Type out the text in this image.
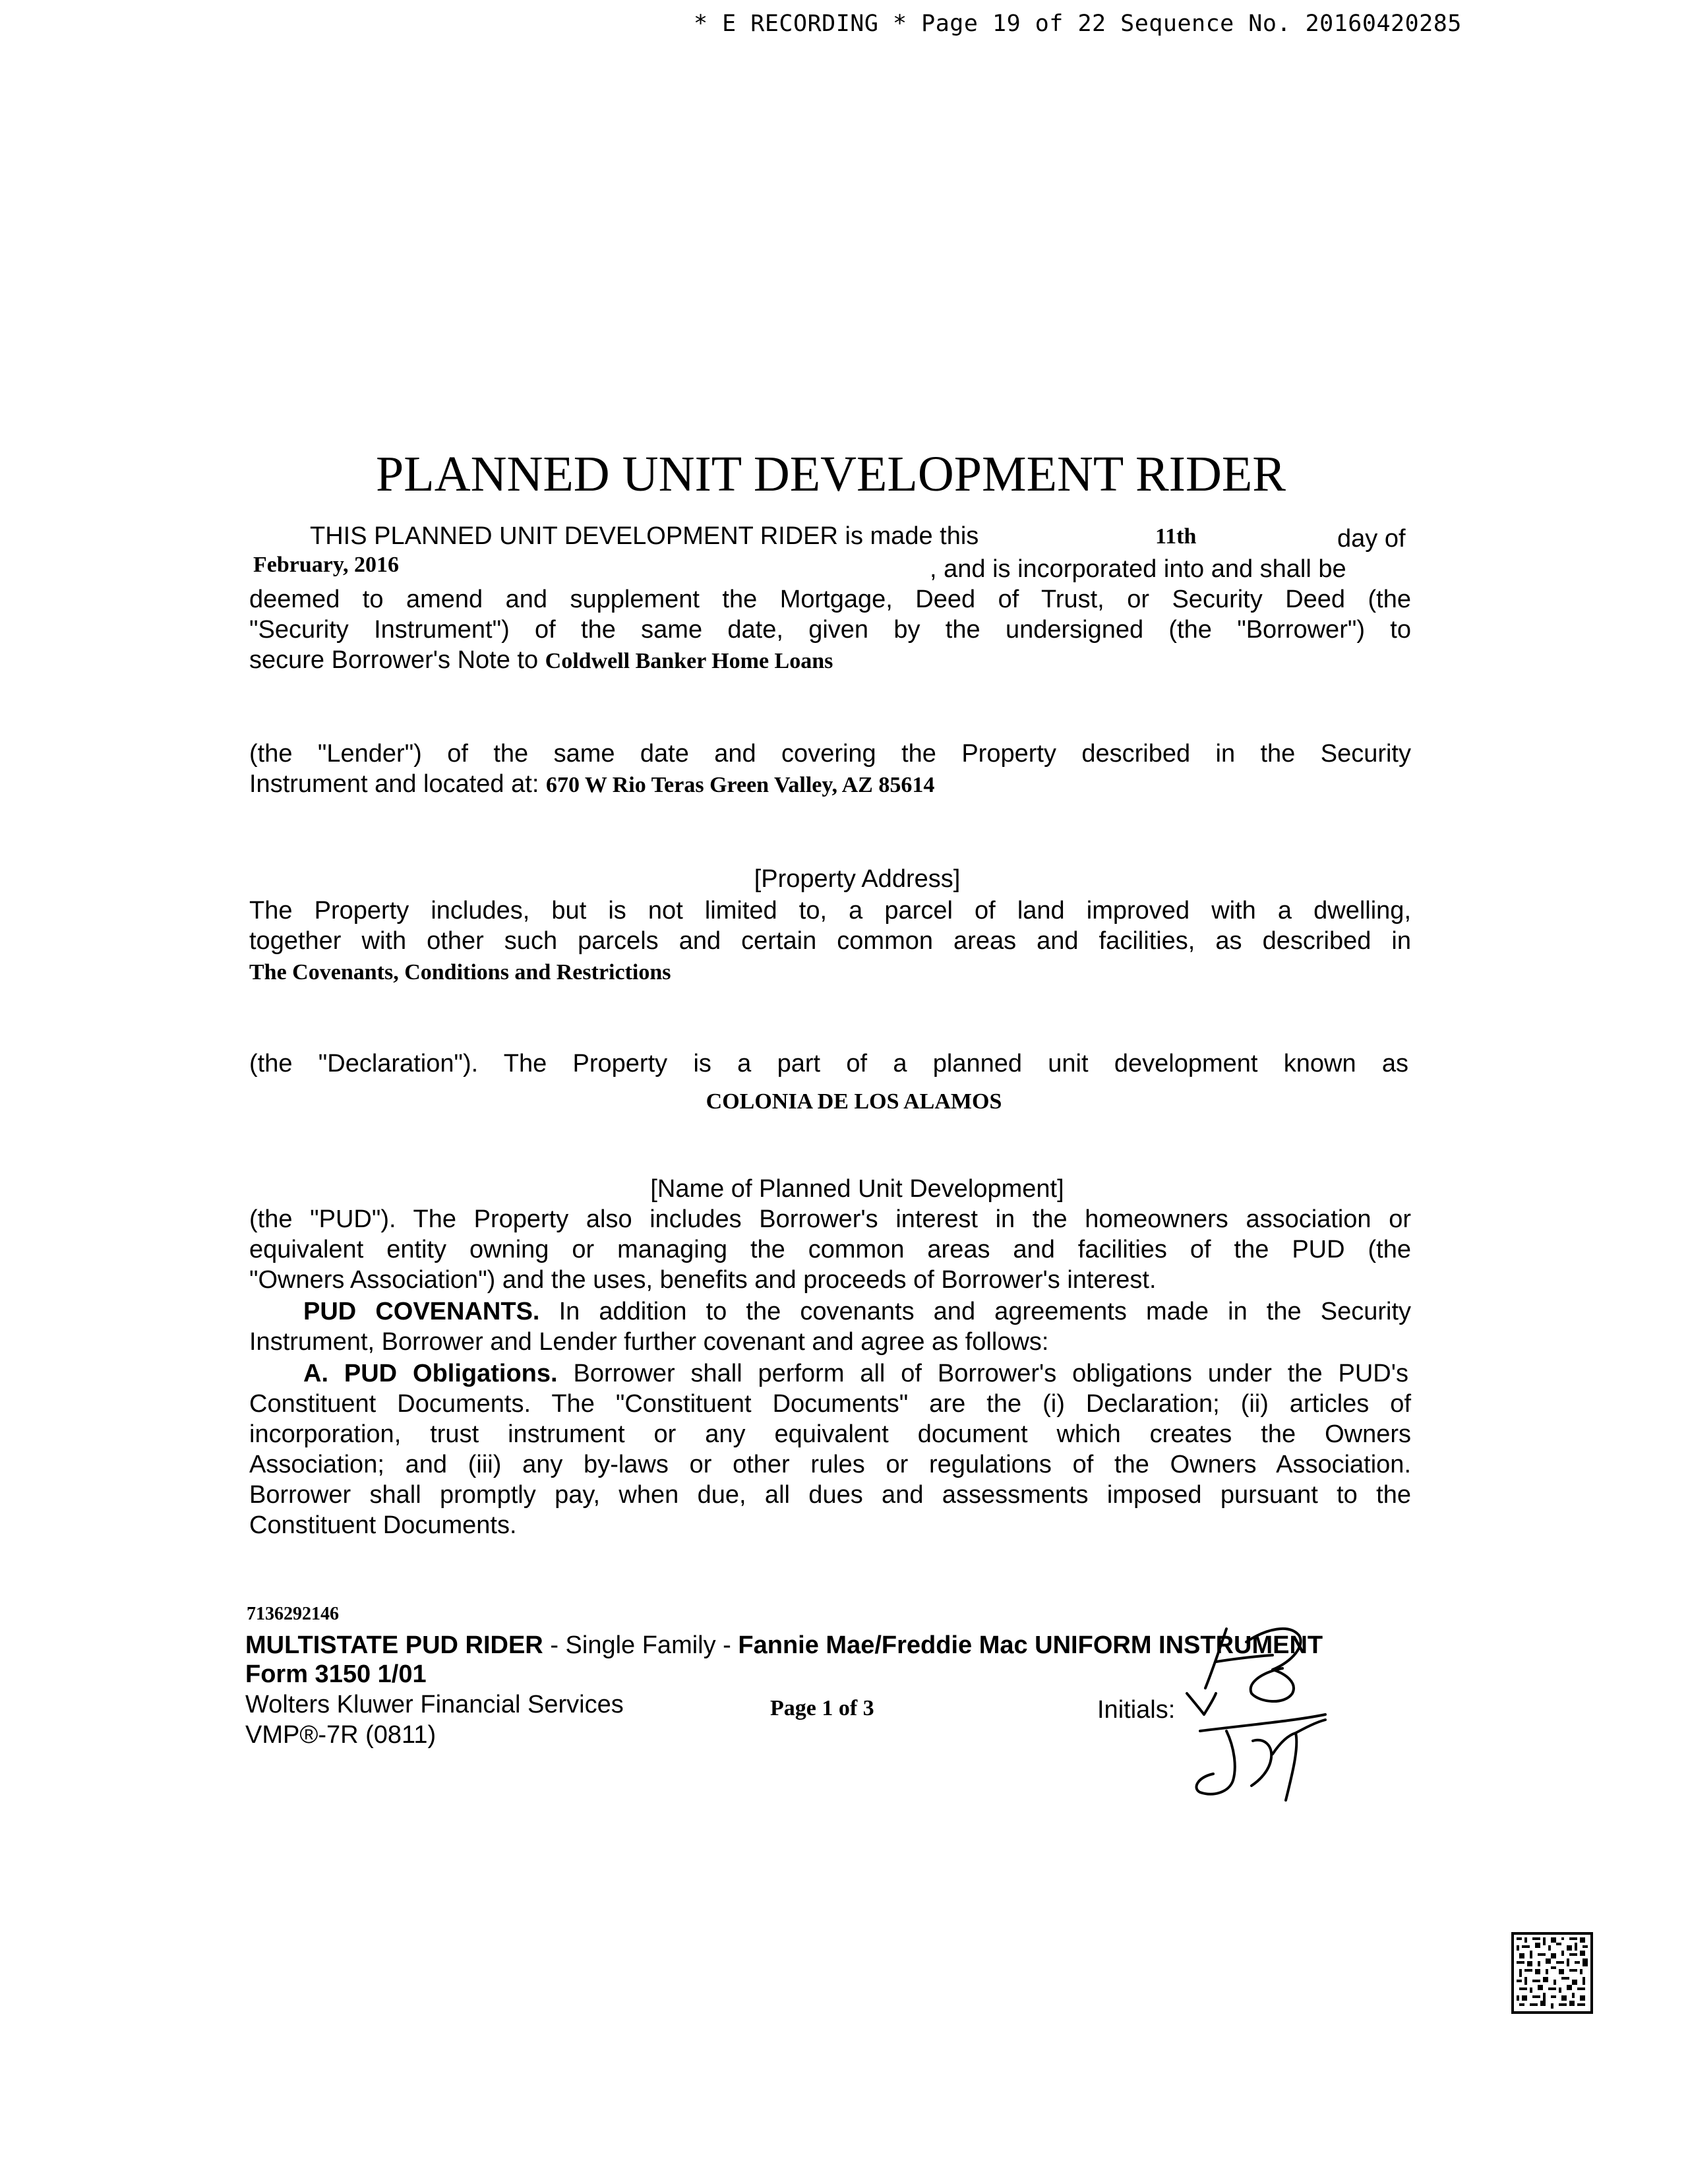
* E RECORDING * Page 19 of 22 Sequence No. 20160420285
PLANNED UNIT DEVELOPMENT RIDER
THIS PLANNED UNIT DEVELOPMENT RIDER is made this	11th	day of
February, 2016	, and is incorporated into and shall be
deemed to amend and supplement the Mortgage, Deed of Trust, or Security Deed (the
"Security Instrument") of the same date, given by the undersigned (the "Borrower") to
secure Borrower's Note to Coldwell Banker Home Loans
(the "Lender") of the same date and covering the Property described in the Security
Instrument and located at: 670 W Rio Teras Green Valley, AZ 85614
[Property Address]
The Property includes, but is not limited to, a parcel of land improved with a dwelling,
together with other such parcels and certain common areas and facilities, as described in
The Covenants, Conditions and Restrictions
(the "Declaration"). The Property is a part of a planned unit development known as
COLONIA DE LOS ALAMOS
[Name of Planned Unit Development]
(the "PUD"). The Property also includes Borrower's interest in the homeowners association or
equivalent entity owning or managing the common areas and facilities of the PUD (the
"Owners Association") and the uses, benefits and proceeds of Borrower's interest.
PUD COVENANTS. In addition to the covenants and agreements made in the Security
Instrument, Borrower and Lender further covenant and agree as follows:
A. PUD Obligations. Borrower shall perform all of Borrower's obligations under the PUD's
Constituent Documents. The "Constituent Documents" are the (i) Declaration; (ii) articles of
incorporation, trust instrument or any equivalent document which creates the Owners
Association; and (iii) any by-laws or other rules or regulations of the Owners Association.
Borrower shall promptly pay, when due, all dues and assessments imposed pursuant to the
Constituent Documents.
7136292146
MULTISTATE PUD RIDER - Single Family - Fannie Mae/Freddie Mac UNIFORM INSTRUMENT
Form 3150 1/01
Wolters Kluwer Financial Services	Page 1 of 3	Initials:
VMP®-7R (0811)
